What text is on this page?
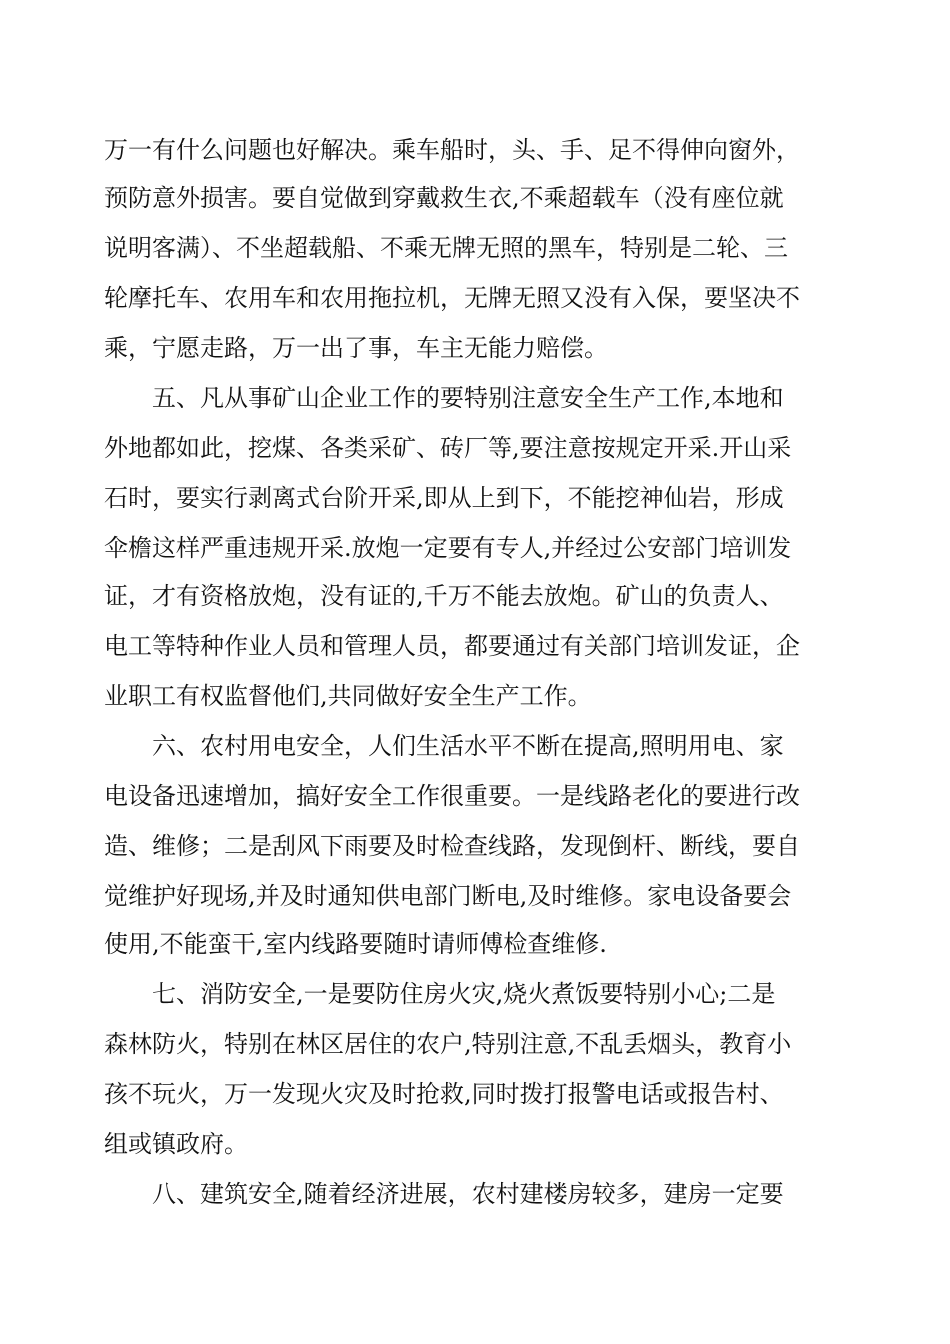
万一有什么问题也好解决。乘车船时，头、手、足不得伸向窗外，
预防意外损害。要自觉做到穿戴救生衣,不乘超载车（没有座位就
说明客满）、不坐超载船、不乘无牌无照的黑车，特别是二轮、三
轮摩托车、农用车和农用拖拉机，无牌无照又没有入保，要坚决不
乘，宁愿走路，万一出了事，车主无能力赔偿。
五、凡从事矿山企业工作的要特别注意安全生产工作,本地和
外地都如此，挖煤、各类采矿、砖厂等,要注意按规定开采.开山采
石时，要实行剥离式台阶开采,即从上到下，不能挖神仙岩，形成
伞檐这样严重违规开采.放炮一定要有专人,并经过公安部门培训发
证，才有资格放炮，没有证的,千万不能去放炮。矿山的负责人、
电工等特种作业人员和管理人员，都要通过有关部门培训发证，企
业职工有权监督他们,共同做好安全生产工作。
六、农村用电安全，人们生活水平不断在提高,照明用电、家
电设备迅速增加，搞好安全工作很重要。一是线路老化的要进行改
造、维修；二是刮风下雨要及时检查线路，发现倒杆、断线，要自
觉维护好现场,并及时通知供电部门断电,及时维修。家电设备要会
使用,不能蛮干,室内线路要随时请师傅检查维修.
七、消防安全,一是要防住房火灾,烧火煮饭要特别小心;二是
森林防火，特别在林区居住的农户,特别注意,不乱丢烟头，教育小
孩不玩火，万一发现火灾及时抢救,同时拨打报警电话或报告村、
组或镇政府。
八、建筑安全,随着经济进展，农村建楼房较多，建房一定要
